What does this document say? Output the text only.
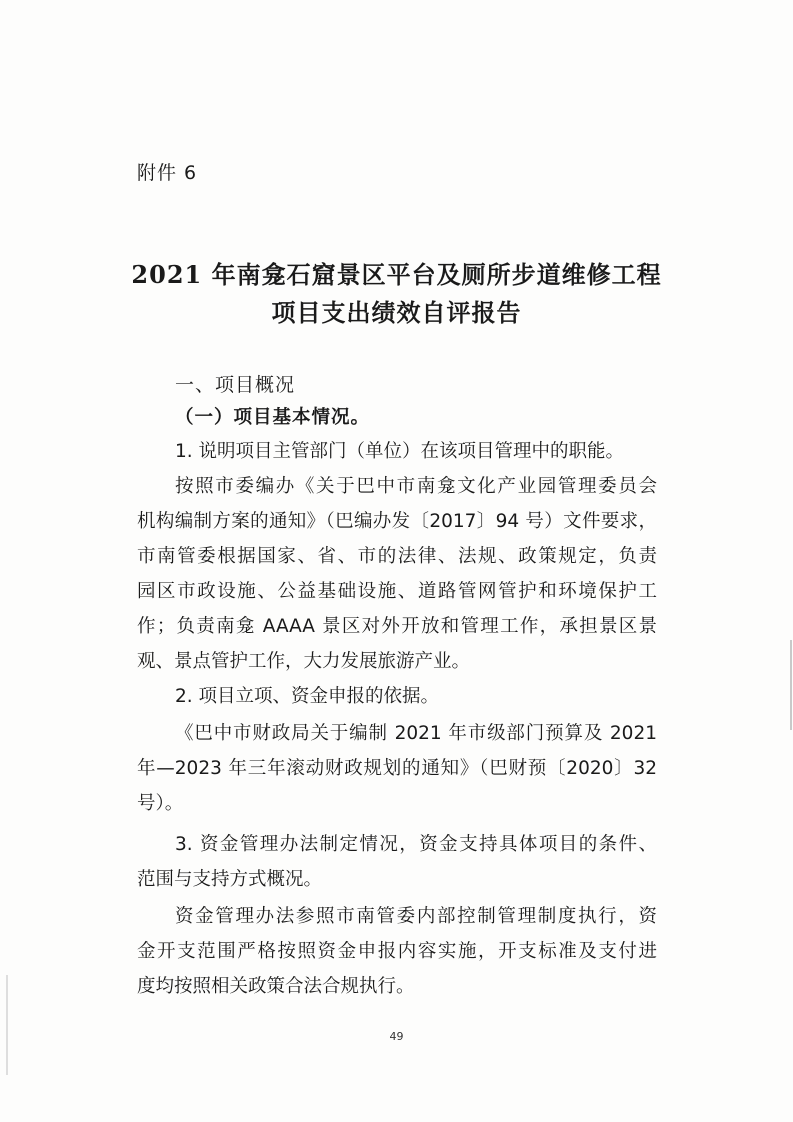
附件 6
2021 年南龛石窟景区平台及厕所步道维修工程
项目支出绩效自评报告
一、项目概况
（一）项目基本情况。
1. 说明项目主管部门（单位）在该项目管理中的职能。
按照市委编办《关于巴中市南龛文化产业园管理委员会
机构编制方案的通知》（巴编办发〔2017〕94 号）文件要求，
市南管委根据国家、省、市的法律、法规、政策规定，负责
园区市政设施、公益基础设施、道路管网管护和环境保护工
作；负责南龛 AAAA 景区对外开放和管理工作，承担景区景
观、景点管护工作，大力发展旅游产业。
2. 项目立项、资金申报的依据。
《巴中市财政局关于编制 2021 年市级部门预算及 2021
年—2023 年三年滚动财政规划的通知》（巴财预〔2020〕32
号）。
3. 资金管理办法制定情况，资金支持具体项目的条件、
范围与支持方式概况。
资金管理办法参照市南管委内部控制管理制度执行，资
金开支范围严格按照资金申报内容实施，开支标准及支付进
度均按照相关政策合法合规执行。
49
